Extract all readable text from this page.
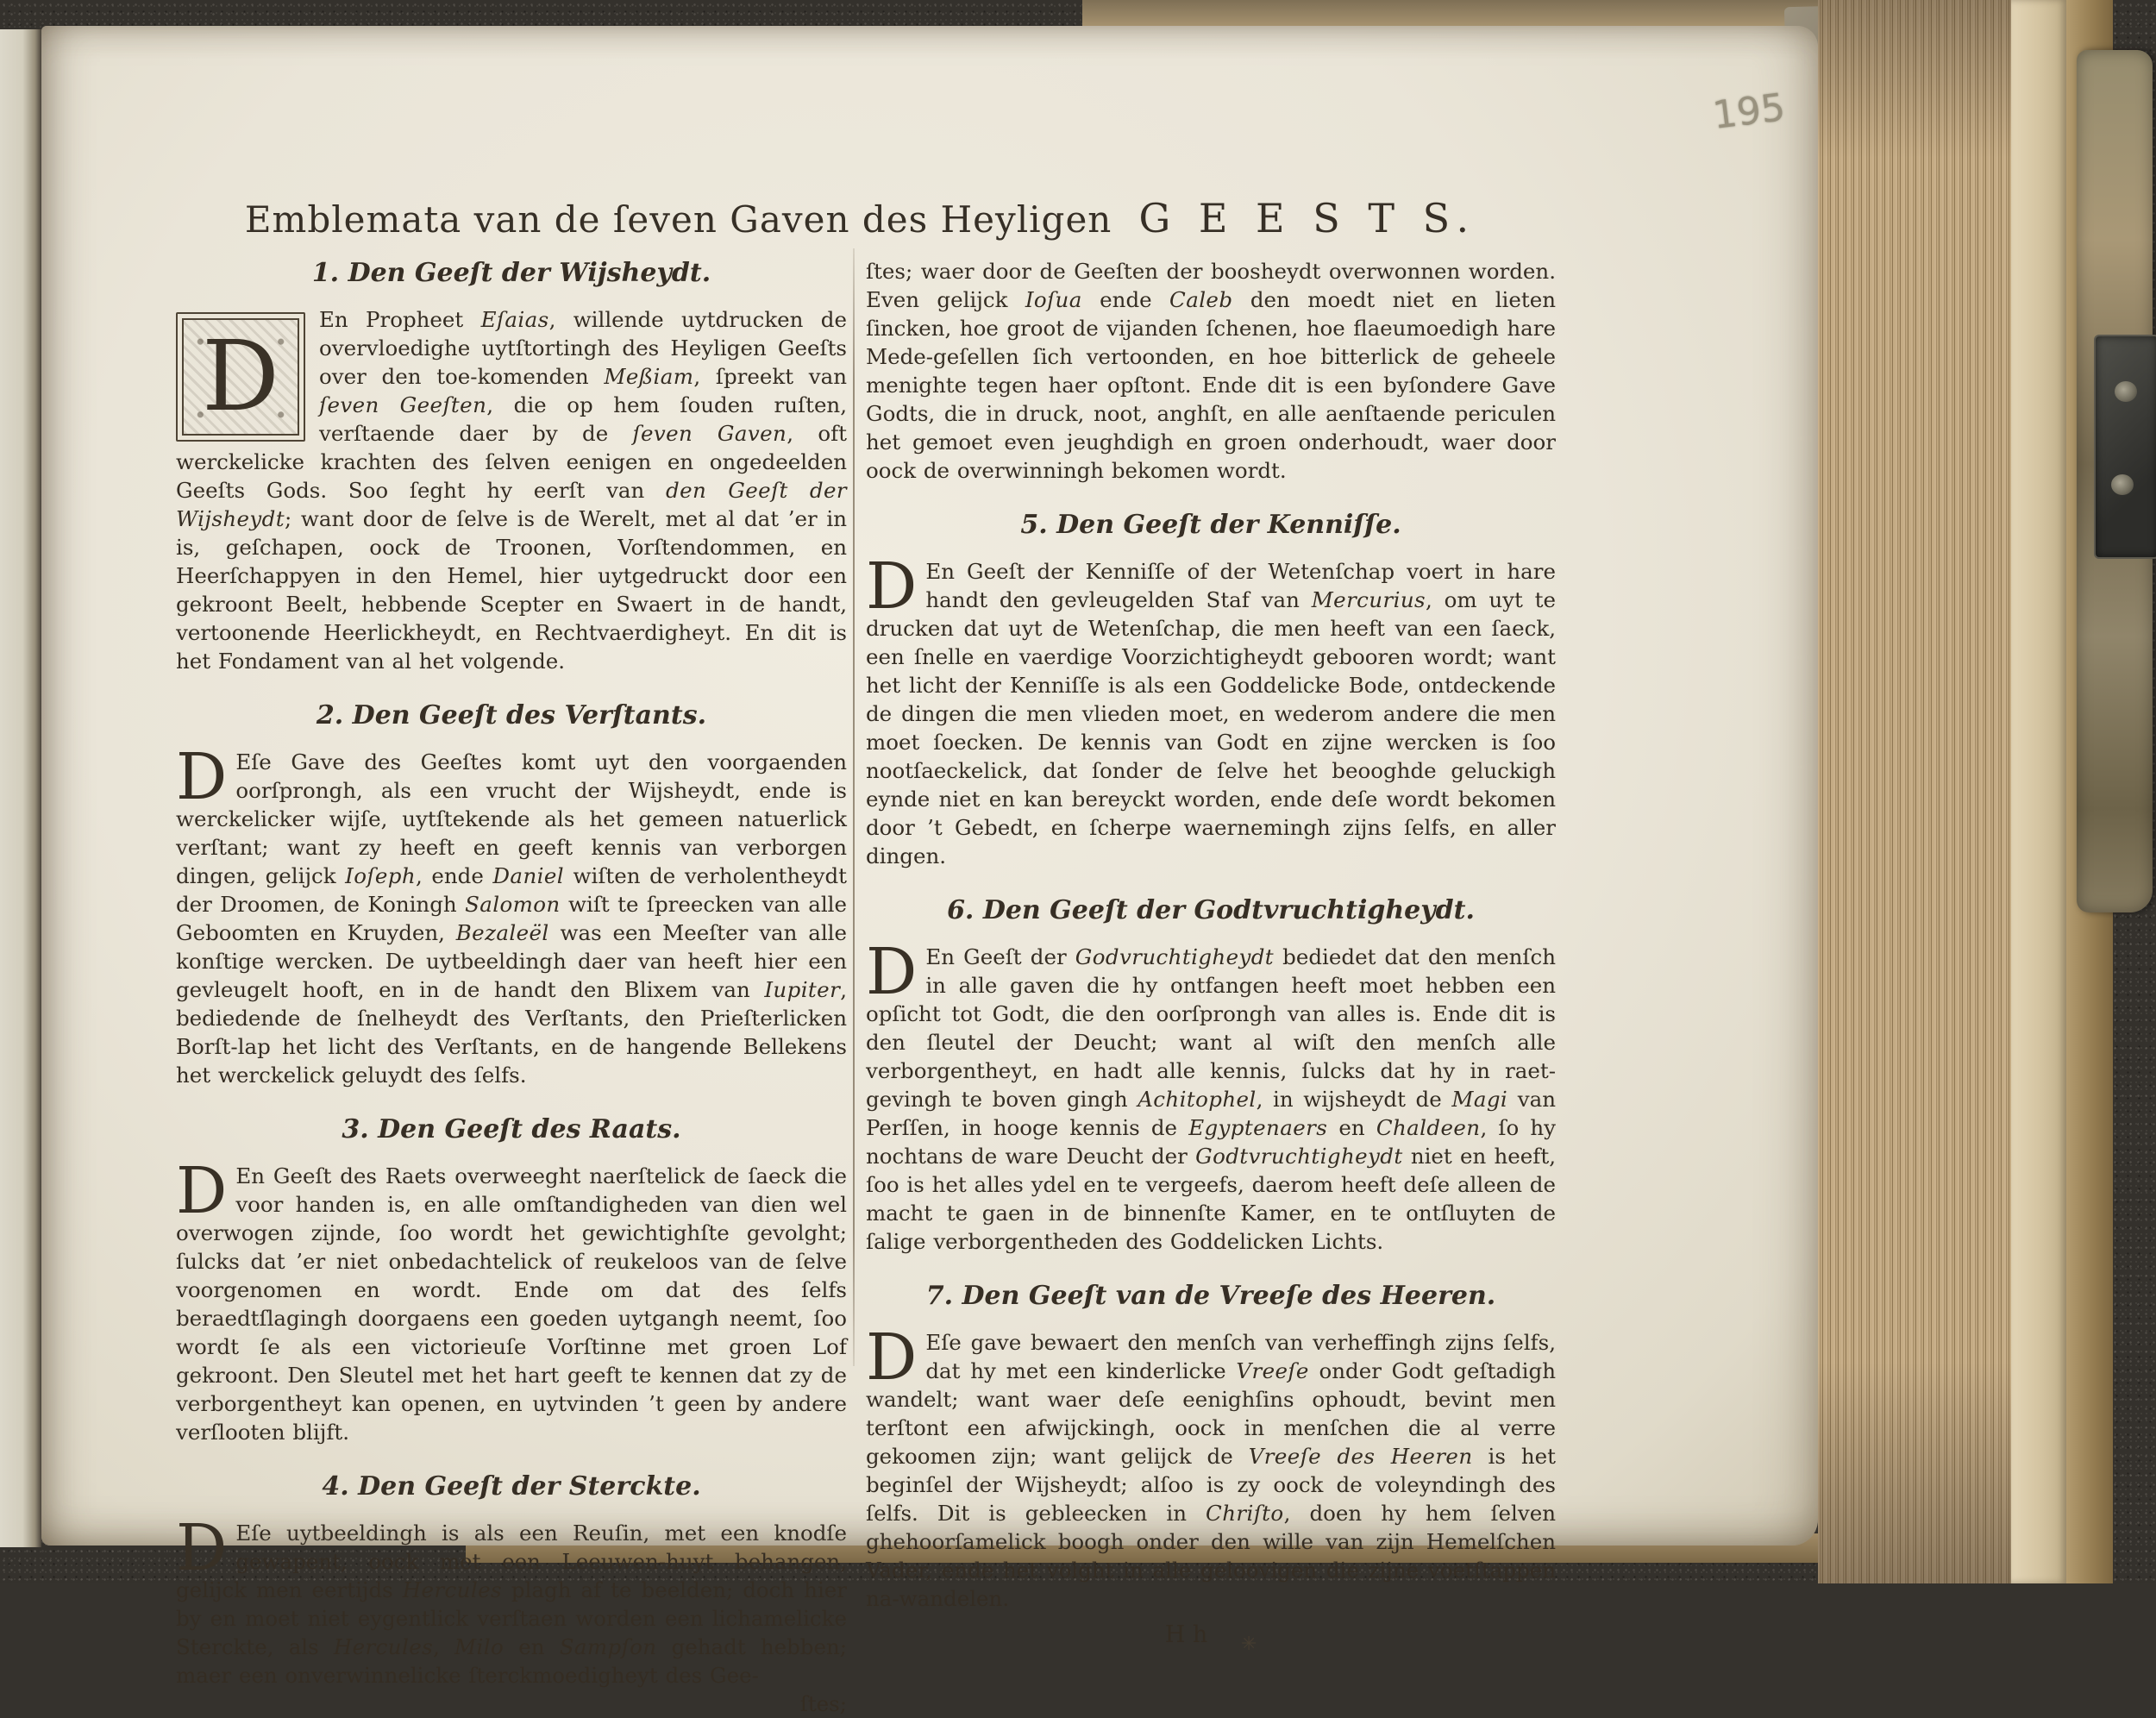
195
Emblemata van de ſeven Gaven des Heyligen G E E S T S.
1. Den Geeſt der Wijsheydt.

D
En Propheet Eſaias, willende uytdrucken de overvloedighe uytſtortingh des Heyligen Geeſts over den toe-komenden Meßiam, ſpreekt van ſeven Geeſten, die op hem ſouden ruſten, verſtaende daer by de ſeven Gaven, oft werckelicke krachten des ſelven eenigen en ongedeelden Geeſts Gods. Soo ſeght hy eerſt van den Geeſt der Wijsheydt; want door de ſelve is de Werelt, met al dat ’er in is, geſchapen, oock de Troonen, Vorſtendommen, en Heerſchappyen in den Hemel, hier uytgedruckt door een gekroont Beelt, hebbende Scepter en Swaert in de handt, vertoonende Heerlickheydt, en Rechtvaerdigheyt. En dit is het Fondament van al het volgende.

2. Den Geeſt des Verſtants.

D Eſe Gave des Geeſtes komt uyt den voorgaenden oorſprongh, als een vrucht der Wijsheydt, ende is werckelicker wijſe, uytſtekende als het gemeen natuerlick verſtant; want zy heeft en geeft kennis van verborgen dingen, gelijck Ioſeph, ende Daniel wiſten de verholentheydt der Droomen, de Koningh Salomon wiſt te ſpreecken van alle Geboomten en Kruyden, Bezaleël was een Meeſter van alle konſtige wercken. De uytbeeldingh daer van heeft hier een gevleugelt hooft, en in de handt den Blixem van Iupiter, bediedende de ſnelheydt des Verſtants, den Prieſterlicken Borſt-lap het licht des Verſtants, en de hangende Bellekens het werckelick geluydt des ſelfs.

3. Den Geeſt des Raats.

D En Geeſt des Raets overweeght naerſtelick de ſaeck die voor handen is, en alle omſtandigheden van dien wel overwogen zijnde, ſoo wordt het gewichtighſte gevolght; ſulcks dat ’er niet onbedachtelick of reukeloos van de ſelve voorgenomen en wordt. Ende om dat des ſelfs beraedtſlagingh doorgaens een goeden uytgangh neemt, ſoo wordt ſe als een victorieuſe Vorſtinne met groen Lof gekroont. Den Sleutel met het hart geeft te kennen dat zy de verborgentheyt kan openen, en uytvinden ’t geen by andere verſlooten blijft.

4. Den Geeſt der Sterckte.

D Eſe uytbeeldingh is als een Reuſin, met een knodſe gewapent, oock met een Leeuwen-huyt behangen, gelijck men eertijds Hercules plagh af te beelden; doch hier by en moet niet eygentlick verſtaen worden een lichamelicke Sterckte, als Hercules, Milo en Sampſon gehadt hebben; maer een onverwinnelicke ſterckmoedigheyt des Gee-
ſtes;

ſtes; waer door de Geeſten der boosheydt overwonnen worden. Even gelijck Ioſua ende Caleb den moedt niet en lieten ſincken, hoe groot de vijanden ſchenen, hoe flaeumoedigh hare Mede-geſellen ſich vertoonden, en hoe bitterlick de geheele menighte tegen haer opſtont. Ende dit is een byſondere Gave Godts, die in druck, noot, anghſt, en alle aenſtaende periculen het gemoet even jeughdigh en groen onderhoudt, waer door oock de overwinningh bekomen wordt.

5. Den Geeſt der Kenniſſe.

D En Geeſt der Kenniſſe of der Wetenſchap voert in hare handt den gevleugelden Staf van Mercurius, om uyt te drucken dat uyt de Wetenſchap, die men heeft van een ſaeck, een ſnelle en vaerdige Voorzichtigheydt gebooren wordt; want het licht der Kenniſſe is als een Goddelicke Bode, ontdeckende de dingen die men vlieden moet, en wederom andere die men moet ſoecken. De kennis van Godt en zijne wercken is ſoo nootſaeckelick, dat ſonder de ſelve het beooghde geluckigh eynde niet en kan bereyckt worden, ende deſe wordt bekomen door ’t Gebedt, en ſcherpe waernemingh zijns ſelfs, en aller dingen.

6. Den Geeſt der Godtvruchtigheydt.

D En Geeſt der Godvruchtigheydt bediedet dat den menſch in alle gaven die hy ontfangen heeft moet hebben een opſicht tot Godt, die den oorſprongh van alles is. Ende dit is den ſleutel der Deucht; want al wiſt den menſch alle verborgentheyt, en hadt alle kennis, ſulcks dat hy in raet-gevingh te boven gingh Achitophel, in wijsheydt de Magi van Perſſen, in hooge kennis de Egyptenaers en Chaldeen, ſo hy nochtans de ware Deucht der Godtvruchtigheydt niet en heeft, ſoo is het alles ydel en te vergeefs, daerom heeft deſe alleen de macht te gaen in de binnenſte Kamer, en te ontſluyten de ſalige verborgentheden des Goddelicken Lichts.

7. Den Geeſt van de Vreeſe des Heeren.

D Eſe gave bewaert den menſch van verheffingh zijns ſelfs, dat hy met een kinderlicke Vreeſe onder Godt geſtadigh wandelt; want waer deſe eenighſins ophoudt, bevint men terſtont een afwijckingh, oock in menſchen die al verre gekoomen zijn; want gelijck de Vreeſe des Heeren is het beginſel der Wijsheydt; alſoo is zy oock de voleyndingh des ſelfs. Dit is gebleecken in Chriſto, doen hy hem ſelven ghehoorſamelick boogh onder den wille van zijn Hemelſchen Vader, ende het volght in alle geloovigen die zijne voetſtappen na-wandelen.

H h ✳
